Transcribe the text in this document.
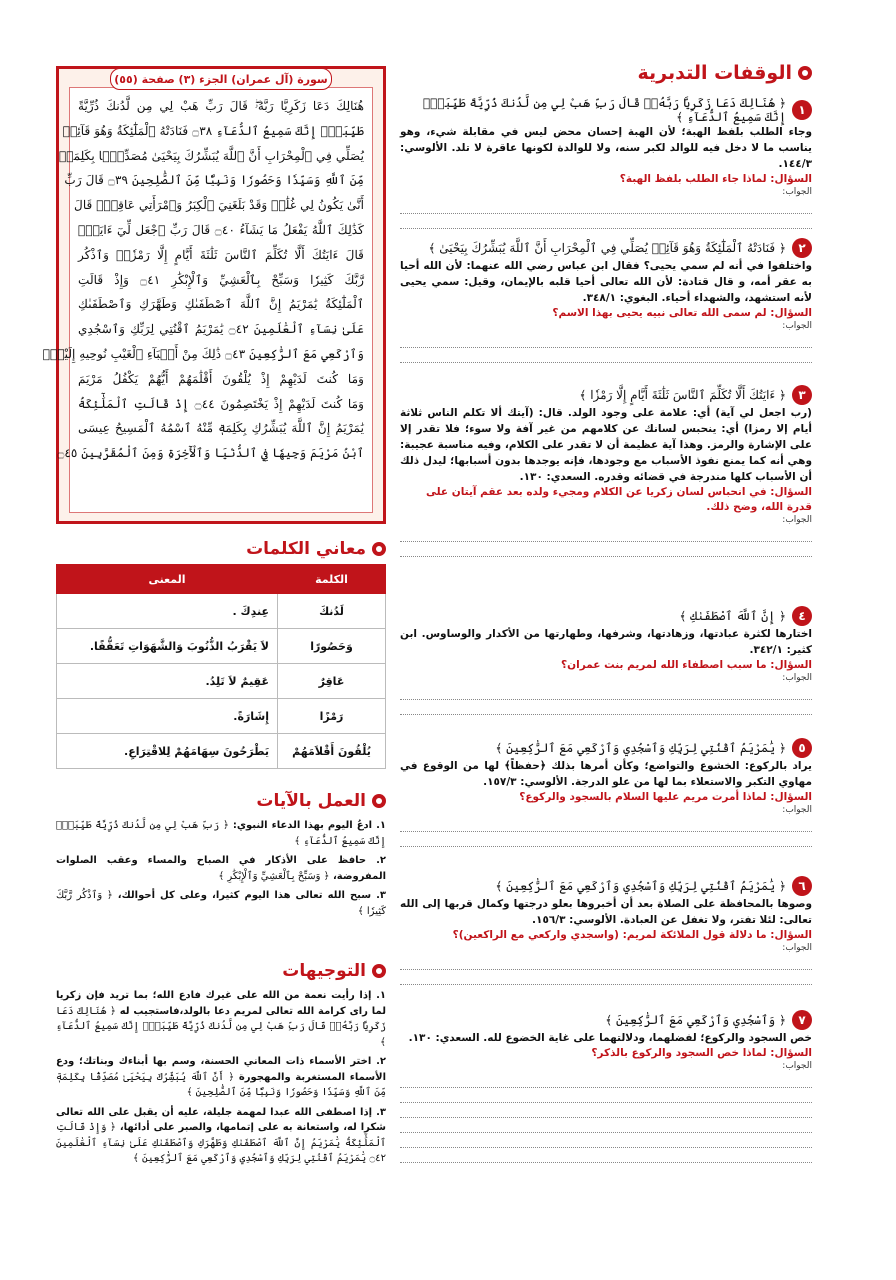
الوقفات التدبرية
١
﴿ هُنَالِكَ دَعَا زَكَرِيَّا رَبَّهُۥۖ قَالَ رَبِّ هَبْ لِي مِن لَّدُنكَ ذُرِّيَّةً طَيِّبَةًۖ إِنَّكَ سَمِيعُ ٱلدُّعَآءِ ﴾
وجاء الطلب بلفظ الهبة؛ لأن الهبة إحسان محض ليس في مقابلة شيء، وهو يناسب ما لا دخل فيه للوالد لكبر سنه، ولا للوالدة لكونها عاقرة لا تلد. الألوسي: ١٤٤/٣.
السؤال: لماذا جاء الطلب بلفظ الهبة؟
الجواب:
٢
﴿ فَنَادَتْهُ ٱلْمَلَٰٓئِكَةُ وَهُوَ قَآئِمٞ يُصَلِّي فِي ٱلْمِحْرَابِ أَنَّ ٱللَّهَ يُبَشِّرُكَ بِيَحْيَىٰ ﴾
واختلفوا في أنه لم سمي يحيى؟ فقال ابن عباس رضي الله عنهما: لأن الله أحيا به عقر أمه، و قال قتادة: لأن الله تعالى أحيا قلبه بالإيمان، وقيل: سمي يحيى لأنه استشهد، والشهداء أحياء. البغوي: ٣٤٨/١.
السؤال: لم سمى الله تعالى نبيه يحيى بهذا الاسم؟
الجواب:
٣
﴿ ءَايَتُكَ أَلَّا تُكَلِّمَ ٱلنَّاسَ ثَلَٰثَةَ أَيَّامٍ إِلَّا رَمْزٗا ﴾
(رب اجعل لي آية) أي: علامة على وجود الولد. قال: (آيتك ألا تكلم الناس ثلاثة أيام إلا رمزا) أي: ينحبس لسانك عن كلامهم من غير آفة ولا سوء؛ فلا تقدر إلا على الإشارة والرمز. وهذا آية عظيمة أن لا تقدر على الكلام، وفيه مناسبة عجيبة: وهي أنه كما يمنع نفوذ الأسباب مع وجودها، فإنه يوجدها بدون أسبابها؛ ليدل ذلك أن الأسباب كلها مندرجة في قضائه وقدره. السعدي: ١٣٠.
السؤال: في انحباس لسان زكريا عن الكلام ومجيء ولده بعد عقم آيتان على قدرة الله، وضح ذلك.
الجواب:
٤
﴿ إِنَّ ٱللَّهَ ٱصْطَفَىٰكِ ﴾
اختارها لكثرة عبادتها، وزهادتها، وشرفها، وطهارتها من الأكدار والوساوس. ابن كثير: ٣٤٢/١.
السؤال: ما سبب اصطفاء الله لمريم بنت عمران؟
الجواب:
٥
﴿ يَٰمَرْيَمُ ٱقْنُتِي لِرَبِّكِ وَٱسْجُدِي وَٱرْكَعِي مَعَ ٱلرَّٰكِعِينَ ﴾
يراد بالركوع: الخشوع والتواضع؛ وكأن أمرها بذلك ﴿حفظاً﴾ لها من الوقوع في مهاوي التكبر والاستعلاء بما لها من علو الدرجة. الألوسي: ١٥٧/٣.
السؤال: لماذا أمرت مريم عليها السلام بالسجود والركوع؟
الجواب:
٦
﴿ يَٰمَرْيَمُ ٱقْنُتِي لِرَبِّكِ وَٱسْجُدِي وَٱرْكَعِي مَعَ ٱلرَّٰكِعِينَ ﴾
وصوها بالمحافظة على الصلاة بعد أن أخبروها بعلو درجتها وكمال قربها إلى الله تعالى: لئلا تفتر، ولا تغفل عن العبادة. الألوسي: ١٥٦/٣.
السؤال: ما دلالة قول الملائكة لمريم: (واسجدي واركعي مع الراكعين)؟
الجواب:
٧
﴿ وَٱسْجُدِي وَٱرْكَعِي مَعَ ٱلرَّٰكِعِينَ ﴾
خص السجود والركوع؛ لفضلهما، ودلالتهما على غاية الخضوع لله. السعدي: ١٣٠.
السؤال: لماذا خص السجود والركوع بالذكر؟
الجواب:
هُنَالِكَ دَعَا زَكَرِيَّا رَبَّهُۥۖ قَالَ رَبِّ هَبْ لِي مِن لَّدُنكَ ذُرِّيَّةً
طَيِّبَةًۖ إِنَّكَ سَمِيعُ ٱلدُّعَآءِ ۝٣٨ فَنَادَتْهُ ٱلْمَلَٰٓئِكَةُ وَهُوَ قَآئِمٞ
يُصَلِّي فِي ٱلْمِحْرَابِ أَنَّ ٱللَّهَ يُبَشِّرُكَ بِيَحْيَىٰ مُصَدِّقَۢا بِكَلِمَةٖ
مِّنَ ٱللَّهِ وَسَيِّدٗا وَحَصُورٗا وَنَبِيّٗا مِّنَ ٱلصَّٰلِحِينَ ۝٣٩ قَالَ رَبِّ
أَنَّىٰ يَكُونُ لِي غُلَٰمٞ وَقَدْ بَلَغَنِيَ ٱلْكِبَرُ وَٱمْرَأَتِي عَاقِرٞۖ قَالَ
كَذَٰلِكَ ٱللَّهُ يَفْعَلُ مَا يَشَآءُ ۝٤٠ قَالَ رَبِّ ٱجْعَل لِّيٓ ءَايَةٗۖ
قَالَ ءَايَتُكَ أَلَّا تُكَلِّمَ ٱلنَّاسَ ثَلَٰثَةَ أَيَّامٍ إِلَّا رَمْزٗاۗ وَٱذْكُر
رَّبَّكَ كَثِيرٗا وَسَبِّحْ بِٱلْعَشِيِّ وَٱلْإِبْكَٰرِ ۝٤١ وَإِذْ قَالَتِ
ٱلْمَلَٰٓئِكَةُ يَٰمَرْيَمُ إِنَّ ٱللَّهَ ٱصْطَفَىٰكِ وَطَهَّرَكِ وَٱصْطَفَىٰكِ
عَلَىٰ نِسَآءِ ٱلْعَٰلَمِينَ ۝٤٢ يَٰمَرْيَمُ ٱقْنُتِي لِرَبِّكِ وَٱسْجُدِي
وَٱرْكَعِي مَعَ ٱلرَّٰكِعِينَ ۝٤٣ ذَٰلِكَ مِنْ أَنۢبَآءِ ٱلْغَيْبِ نُوحِيهِ إِلَيْكَۚ
وَمَا كُنتَ لَدَيْهِمْ إِذْ يُلْقُونَ أَقْلَٰمَهُمْ أَيُّهُمْ يَكْفُلُ مَرْيَمَ
وَمَا كُنتَ لَدَيْهِمْ إِذْ يَخْتَصِمُونَ ۝٤٤ إِذْ قَالَتِ ٱلْمَلَٰٓئِكَةُ
يَٰمَرْيَمُ إِنَّ ٱللَّهَ يُبَشِّرُكِ بِكَلِمَةٖ مِّنْهُ ٱسْمُهُ ٱلْمَسِيحُ عِيسَى
ٱبْنُ مَرْيَمَ وَجِيهٗا فِي ٱلدُّنْيَا وَٱلْأٓخِرَةِ وَمِنَ ٱلْمُقَرَّبِينَ ۝٤٥
سورة (آل عمران) الجزء (٣) صفحة (٥٥)
معاني الكلمات
الكلمة	المعنى
لَدُنكَ	عِندِكَ .
وَحَصُورًا	لاَ يَقْرَبُ الذُّنُوبَ وَالشَّهَوَاتِ تَعَفُّفًا.
عَاقِرٌ	عَقِيمٌ لاَ تَلِدُ.
رَمْزًا	إِشَارَةً.
يُلْقُونَ أَقْلاَمَهُمْ	يَطْرَحُونَ سِهَامَهُمْ لِلاقْتِرَاعِ.
العمل بالآيات
١. ادعُ اليوم بهذا الدعاء النبوي: ﴿ رَبِّ هَبْ لِي مِن لَّدُنكَ ذُرِّيَّةً طَيِّبَةًۖ إِنَّكَ سَمِيعُ ٱلدُّعَآءِ ﴾
٢. حافظ على الأذكار في الصباح والمساء وعقب الصلوات المفروضة، ﴿ وَسَبِّحْ بِٱلْعَشِيِّ وَٱلْإِبْكَٰرِ ﴾
٣. سبح الله تعالى هذا اليوم كثيرا، وعلى كل أحوالك، ﴿ وَٱذْكُر رَّبَّكَ كَثِيرٗا ﴾
التوجيهات
١. إذا رأيت نعمة من الله على غيرك فادع الله؛ بما تريد فإن زكريا لما راى كرامة الله تعالى لمريم دعا بالولد،فاستجيب له ﴿ هُنَالِكَ دَعَا زَكَرِيَّا رَبَّهُۥۖ قَالَ رَبِّ هَبْ لِي مِن لَّدُنكَ ذُرِّيَّةً طَيِّبَةًۖ إِنَّكَ سَمِيعُ ٱلدُّعَآءِ ﴾
٢. اختر الأسماء ذات المعاني الحسنة، وسم بها أبناءك وبناتك؛ ودع الأسماء المستغربة والمهجورة ﴿ أَنَّ ٱللَّهَ يُبَشِّرُكَ بِيَحْيَىٰ مُصَدِّقَۢا بِكَلِمَةٖ مِّنَ ٱللَّهِ وَسَيِّدٗا وَحَصُورٗا وَنَبِيّٗا مِّنَ ٱلصَّٰلِحِينَ ﴾
٣. إذا اصطفى الله عبدا لمهمة جليلة، عليه أن يقبل على الله تعالى شكرا له، واستعانة به على إتمامها، والصبر على أدائها، ﴿ وَإِذْ قَالَتِ ٱلْمَلَٰٓئِكَةُ يَٰمَرْيَمُ إِنَّ ٱللَّهَ ٱصْطَفَىٰكِ وَطَهَّرَكِ وَٱصْطَفَىٰكِ عَلَىٰ نِسَآءِ ٱلْعَٰلَمِينَ ۝٤٢ يَٰمَرْيَمُ ٱقْنُتِي لِرَبِّكِ وَٱسْجُدِي وَٱرْكَعِي مَعَ ٱلرَّٰكِعِينَ ﴾
